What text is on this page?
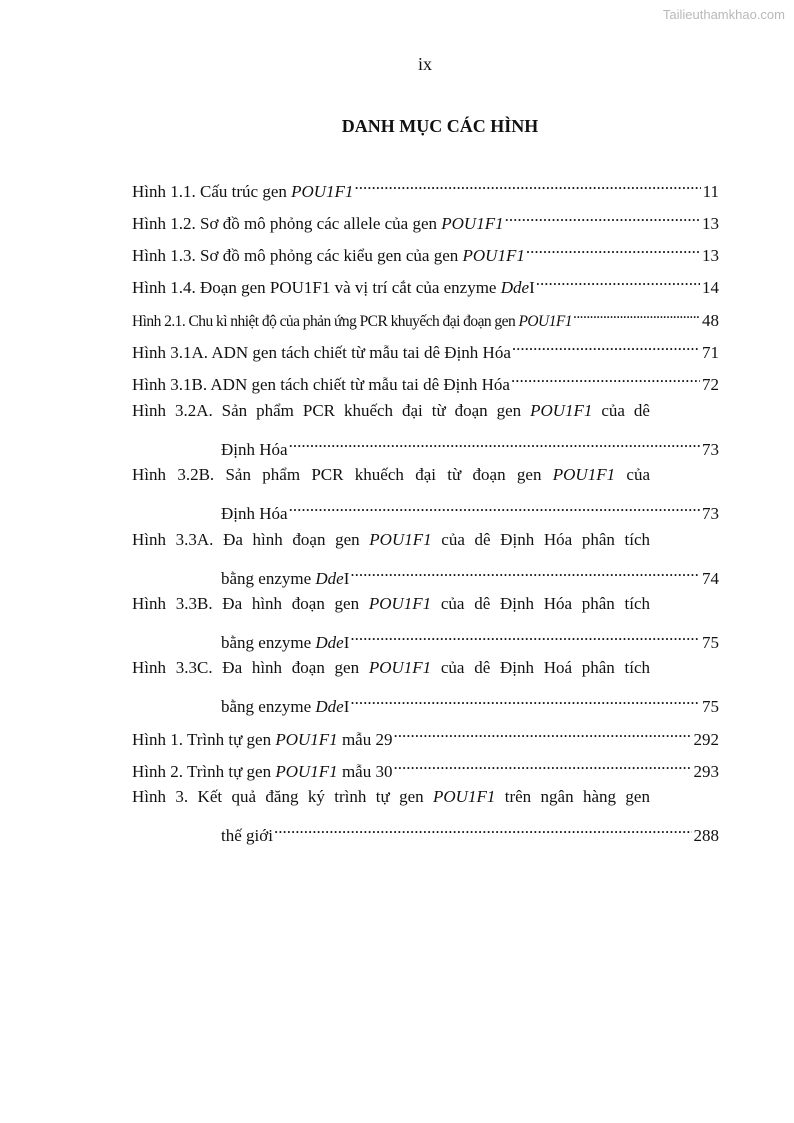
Tailieuthamkhao.com
ix
DANH MỤC CÁC HÌNH
Hình 1.1. Cấu trúc gen POU1F1 .....	11
Hình 1.2. Sơ đồ mô phỏng các allele của gen POU1F1 .....	13
Hình 1.3. Sơ đồ mô phỏng các kiểu gen của gen POU1F1 .....	13
Hình 1.4. Đoạn gen POU1F1 và vị trí cắt của enzyme DdeI .....	14
Hình 2.1. Chu kì nhiệt độ của phản ứng PCR khuyếch đại đoạn gen POU1F1 .....	48
Hình 3.1A. ADN gen tách chiết từ mẫu tai dê Định Hóa .....	71
Hình 3.1B. ADN gen tách chiết từ mẫu tai dê Định Hóa .....	72
Hình 3.2A. Sản phẩm PCR khuếch đại từ đoạn gen POU1F1 của dê
Định Hóa .....	73
Hình 3.2B. Sản phẩm PCR khuếch đại từ đoạn gen POU1F1 của
Định Hóa .....	73
Hình 3.3A. Đa hình đoạn gen POU1F1 của dê Định Hóa phân tích
bằng enzyme DdeI .....	74
Hình 3.3B. Đa hình đoạn gen POU1F1 của dê Định Hóa phân tích
bằng enzyme DdeI .....	75
Hình 3.3C. Đa hình đoạn gen POU1F1 của dê Định Hoá phân tích
bằng enzyme DdeI .....	75
Hình 1. Trình tự gen POU1F1 mẫu 29 .....	292
Hình 2. Trình tự gen POU1F1 mẫu 30 .....	293
Hình 3. Kết quả đăng ký trình tự gen POU1F1 trên ngân hàng gen
thế giới .....	288
